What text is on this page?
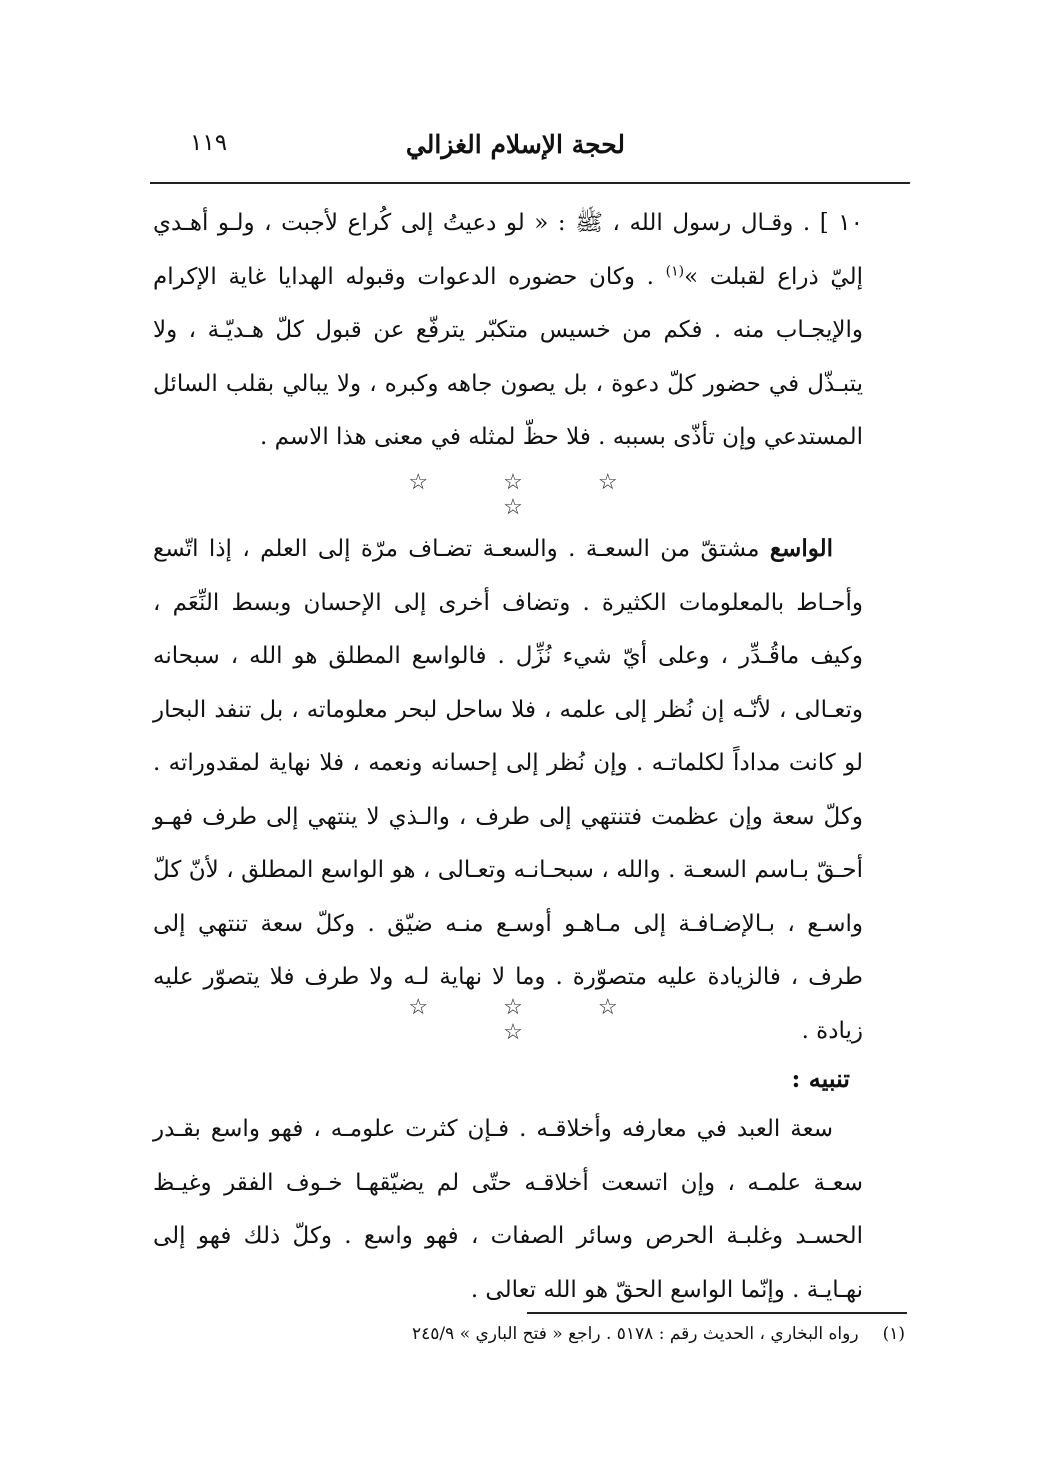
لحجة الإسلام الغزالي
١١٩

١٠ ] . وقـال رسول الله ، ﷺ : « لو دعيتُ إلى كُراع لأجبت ، ولـو أهـدي إليّ ذراع لقبلت »$^{(١)}$ . وكان حضوره الدعوات وقبوله الهدايا غاية الإكرام والإيجـاب منه . فكم من خسيس متكبّر يترفّع عن قبول كلّ هـديّـة ، ولا يتبـذّل في حضور كلّ دعوة ، بل يصون جاهه وكبره ، ولا يبالي بقلب السائل المستدعي وإن تأذّى بسببه . فلا حظّ لمثله في معنى هذا الاسم .

☆ ☆ ☆ ☆

الواسع مشتقّ من السعـة . والسعـة تضـاف مرّة إلى العلم ، إذا اتّسع وأحـاط بالمعلومات الكثيرة . وتضاف أخرى إلى الإحسان وبسط النِّعَم ، وكيف ماقُـدِّر ، وعلى أيّ شيء نُزِّل . فالواسع المطلق هو الله ، سبحانه وتعـالى ، لأنّـه إن نُظر إلى علمه ، فلا ساحل لبحر معلوماته ، بل تنفد البحار لو كانت مداداً لكلماتـه . وإن نُظر إلى إحسانه ونعمه ، فلا نهاية لمقدوراته . وكلّ سعة وإن عظمت فتنتهي إلى طرف ، والـذي لا ينتهي إلى طرف فهـو أحـقّ بـاسم السعـة . والله ، سبحـانـه وتعـالى ، هو الواسع المطلق ، لأنّ كلّ واسـع ، بـالإضـافـة إلى مـاهـو أوسـع منـه ضيّق . وكلّ سعة تنتهي إلى طرف ، فالزيادة عليه متصوّرة . وما لا نهاية لـه ولا طرف فلا يتصوّر عليه زيادة .

☆ ☆ ☆ ☆
تنبيه :

سعة العبد في معارفه وأخلاقـه . فـإن كثرت علومـه ، فهو واسع بقـدر سعـة علمـه ، وإن اتسعت أخلاقـه حتّى لم يضيّقهـا خـوف الفقر وغيـظ الحسـد وغلبـة الحرص وسائر الصفات ، فهو واسع . وكلّ ذلك فهو إلى نهـايـة . وإنّما الواسع الحقّ هو الله تعالى .

(١)رواه البخاري ، الحديث رقم : ٥١٧٨ . راجع « فتح الباري » ٢٤٥/٩
